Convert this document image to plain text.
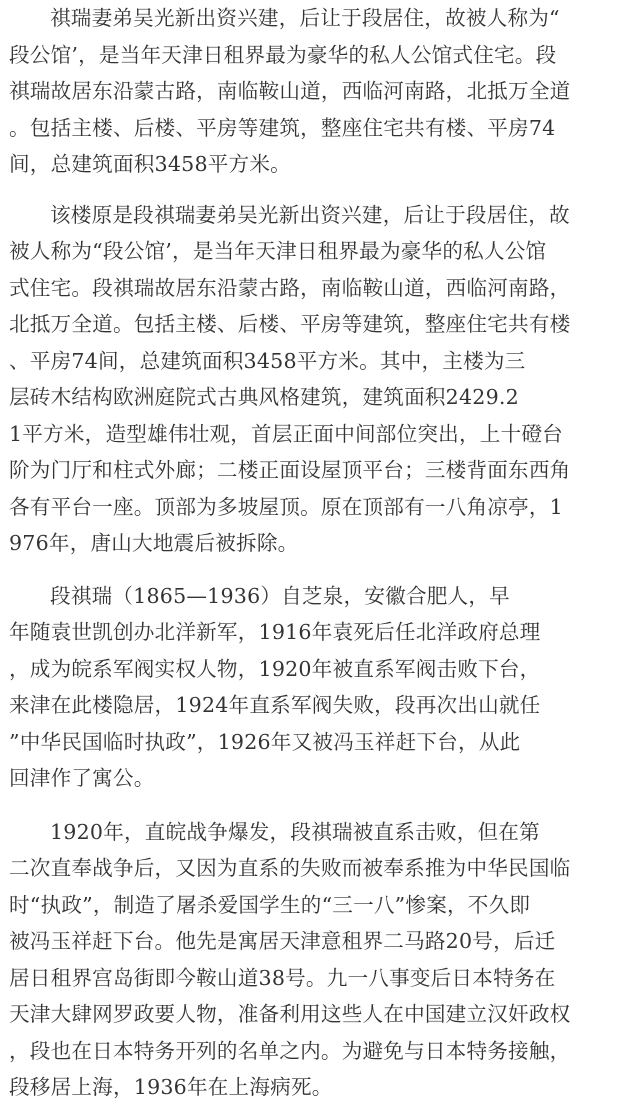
祺瑞妻弟吴光新出资兴建，后让于段居住，故被人称为“
段公馆’，是当年天津日租界最为豪华的私人公馆式住宅。段
祺瑞故居东沿蒙古路，南临鞍山道，西临河南路，北抵万全道
。包括主楼、后楼、平房等建筑，整座住宅共有楼、平房74
间，总建筑面积3458平方米。

该楼原是段祺瑞妻弟吴光新出资兴建，后让于段居住，故
被人称为“段公馆’，是当年天津日租界最为豪华的私人公馆
式住宅。段祺瑞故居东沿蒙古路，南临鞍山道，西临河南路，
北抵万全道。包括主楼、后楼、平房等建筑，整座住宅共有楼
、平房74间，总建筑面积3458平方米。其中，主楼为三
层砖木结构欧洲庭院式古典风格建筑，建筑面积2429.2
1平方米，造型雄伟壮观，首层正面中间部位突出，上十磴台
阶为门厅和柱式外廊；二楼正面设屋顶平台；三楼背面东西角
各有平台一座。顶部为多坡屋顶。原在顶部有一八角凉亭，1
976年，唐山大地震后被拆除。

段祺瑞（1865—1936）自芝泉，安徽合肥人，早
年随袁世凯创办北洋新军，1916年袁死后任北洋政府总理
，成为皖系军阀实权人物，1920年被直系军阀击败下台，
来津在此楼隐居，1924年直系军阀失败，段再次出山就任
”中华民国临时执政”，1926年又被冯玉祥赶下台，从此
回津作了寓公。

1920年，直皖战争爆发，段祺瑞被直系击败，但在第
二次直奉战争后，又因为直系的失败而被奉系推为中华民国临
时“执政”，制造了屠杀爱国学生的“三一八”惨案，不久即
被冯玉祥赶下台。他先是寓居天津意租界二马路20号，后迁
居日租界宫岛街即今鞍山道38号。九一八事变后日本特务在
天津大肆网罗政要人物，准备利用这些人在中国建立汉奸政权
，段也在日本特务开列的名单之内。为避免与日本特务接触，
段移居上海，1936年在上海病死。
